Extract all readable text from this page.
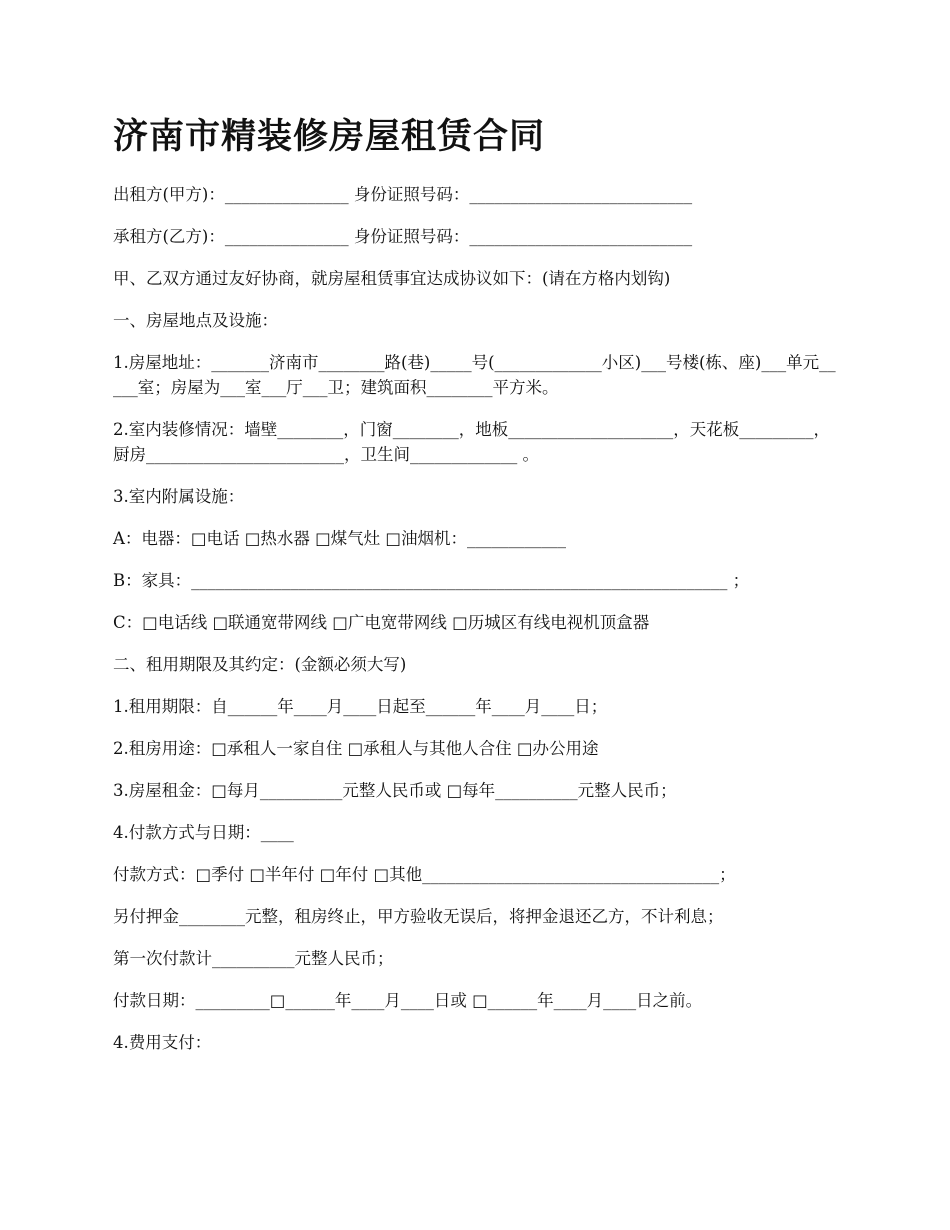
济南市精装修房屋租赁合同

出租方(甲方)：_______________ 身份证照号码：___________________________

承租方(乙方)：_______________ 身份证照号码：___________________________

甲、乙双方通过友好协商，就房屋租赁事宜达成协议如下：(请在方格内划钩)

一、房屋地点及设施：

1.房屋地址：_______济南市________路(巷)_____号(_____________小区)___号楼(栋、座)___单元_____室；房屋为___室___厅___卫；建筑面积________平方米。

2.室内装修情况：墙壁________，门窗________，地板____________________，天花板_________，厨房________________________，卫生间_____________ 。

3.室内附属设施：

A：电器：□电话 □热水器 □煤气灶 □油烟机：____________

B：家具：_________________________________________________________________ ；

C：□电话线 □联通宽带网线 □广电宽带网线 □历城区有线电视机顶盒器

二、租用期限及其约定：(金额必须大写)

1.租用期限：自______年____月____日起至______年____月____日；

2.租房用途：□承租人一家自住 □承租人与其他人合住 □办公用途

3.房屋租金：□每月__________元整人民币或 □每年__________元整人民币；

4.付款方式与日期：____

付款方式：□季付 □半年付 □年付 □其他____________________________________；

另付押金________元整，租房终止，甲方验收无误后，将押金退还乙方，不计利息；

第一次付款计__________元整人民币；

付款日期：_________□______年____月____日或 □______年____月____日之前。

4.费用支付：
